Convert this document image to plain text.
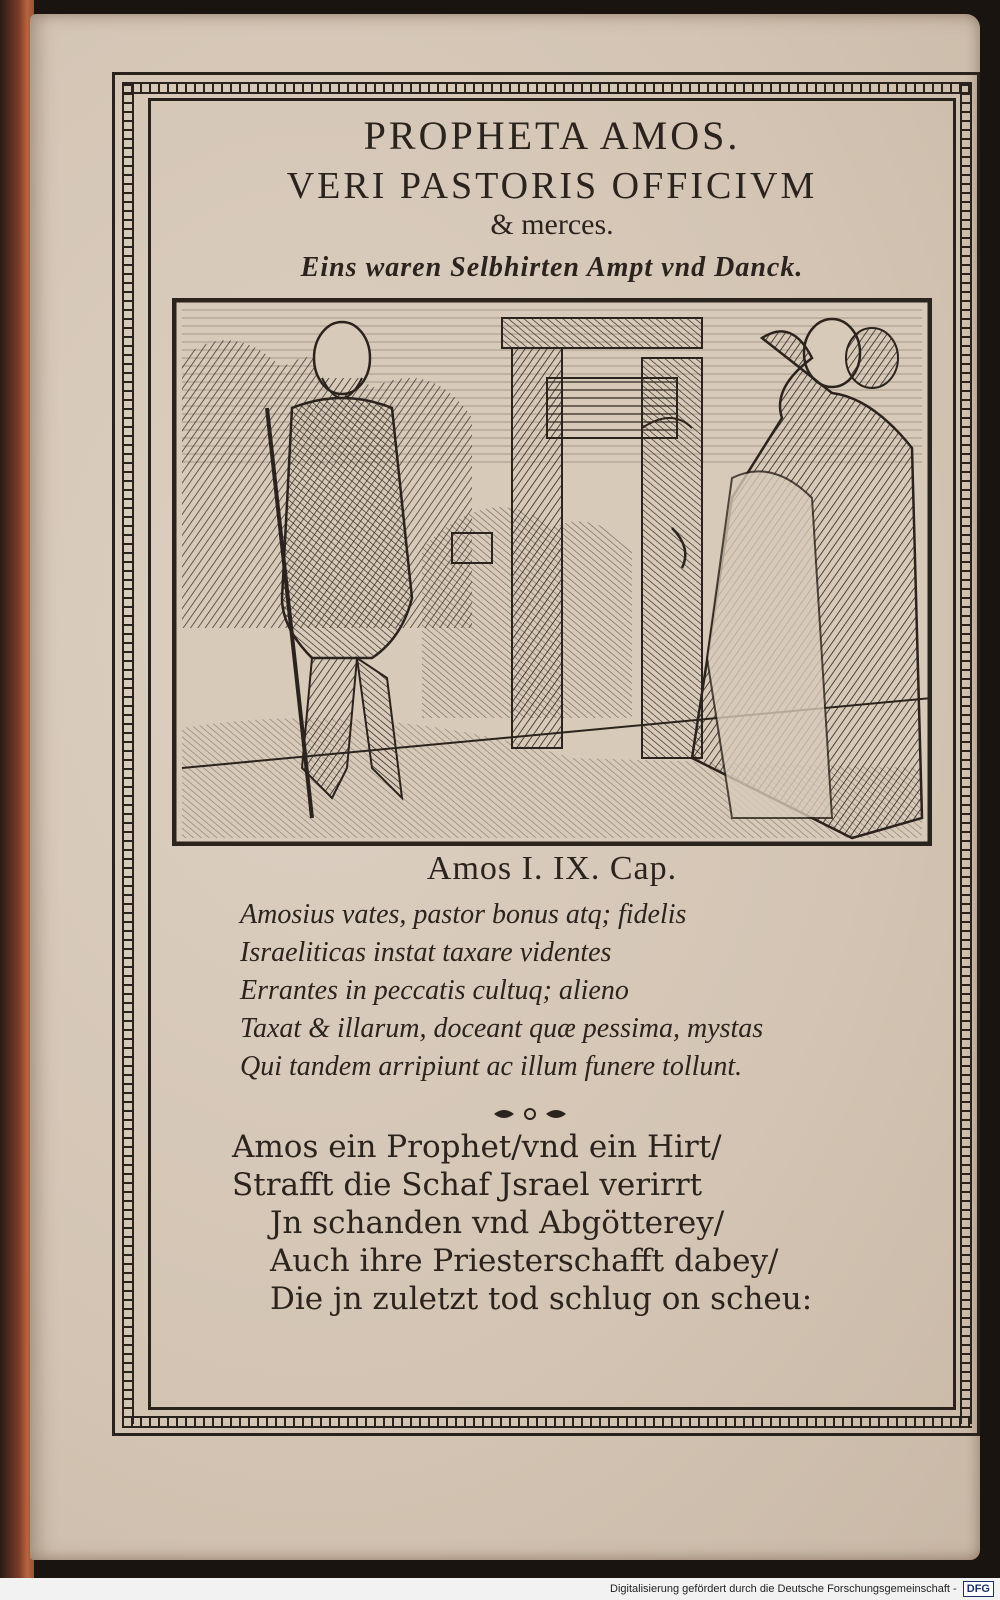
PROPHETA AMOS.
VERI PASTORIS OFFICIVM
& merces.
Eins waren Selbhirten Ampt vnd Danck.
Amos I. IX. Cap.
Amosius vates, pastor bonus atq; fidelis
Israeliticas instat taxare videntes
Errantes in peccatis cultuq; alieno
Taxat & illarum, doceant quæ pessima, mystas
Qui tandem arripiunt ac illum funere tollunt.
Amos ein Prophet/vnd ein Hirt/
Strafft die Schaf Jsrael verirrt
Jn schanden vnd Abgötterey/
Auch ihre Priesterschafft dabey/
Die jn zuletzt tod schlug on scheu:
Digitalisierung gefördert durch die Deutsche Forschungsgemeinschaft - DFG
